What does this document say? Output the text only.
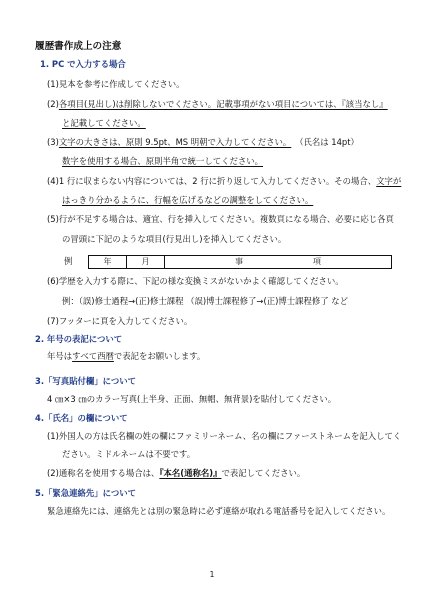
履歴書作成上の注意
1. PC で入力する場合
(1)見本を参考に作成してください。
(2)各項目(見出し)は削除しないでください。記載事項がない項目については、『該当なし』
と記載してください。
(3)文字の大きさは、原則 9.5pt、MS 明朝で入力してください。 （氏名は 14pt）
数字を使用する場合、原則半角で統一してください。
(4)1 行に収まらない内容については、2 行に折り返して入力してください。その場合、文字が
はっきり分かるように、行幅を広げるなどの調整をしてください。
(5)行が不足する場合は、適宜、行を挿入してください。複数頁になる場合、必要に応じ各頁
の冒頭に下記のような項目(行見出し)を挿入してください。
例	年	月	事	項
(6)学歴を入力する際に、下記の様な変換ミスがないかよく確認してください。
例：（誤)修士過程→(正)修士課程 （誤)博士課程修了→(正)博士課程修了 など
(7)フッターに頁を入力してください。
2. 年号の表記について
年号はすべて西暦で表記をお願いします。
3.「写真貼付欄」について
4 ㎝×3 ㎝のカラー写真(上半身、正面、無帽、無背景)を貼付してください。
4.「氏名」の欄について
(1)外国人の方は氏名欄の姓の欄にファミリーネーム、名の欄にファーストネームを記入してく
ださい。ミドルネームは不要です。
(2)通称名を使用する場合は、『本名(通称名)』で表記してください。
5.「緊急連絡先」について
緊急連絡先には、連絡先とは別の緊急時に必ず連絡が取れる電話番号を記入してください。
1
